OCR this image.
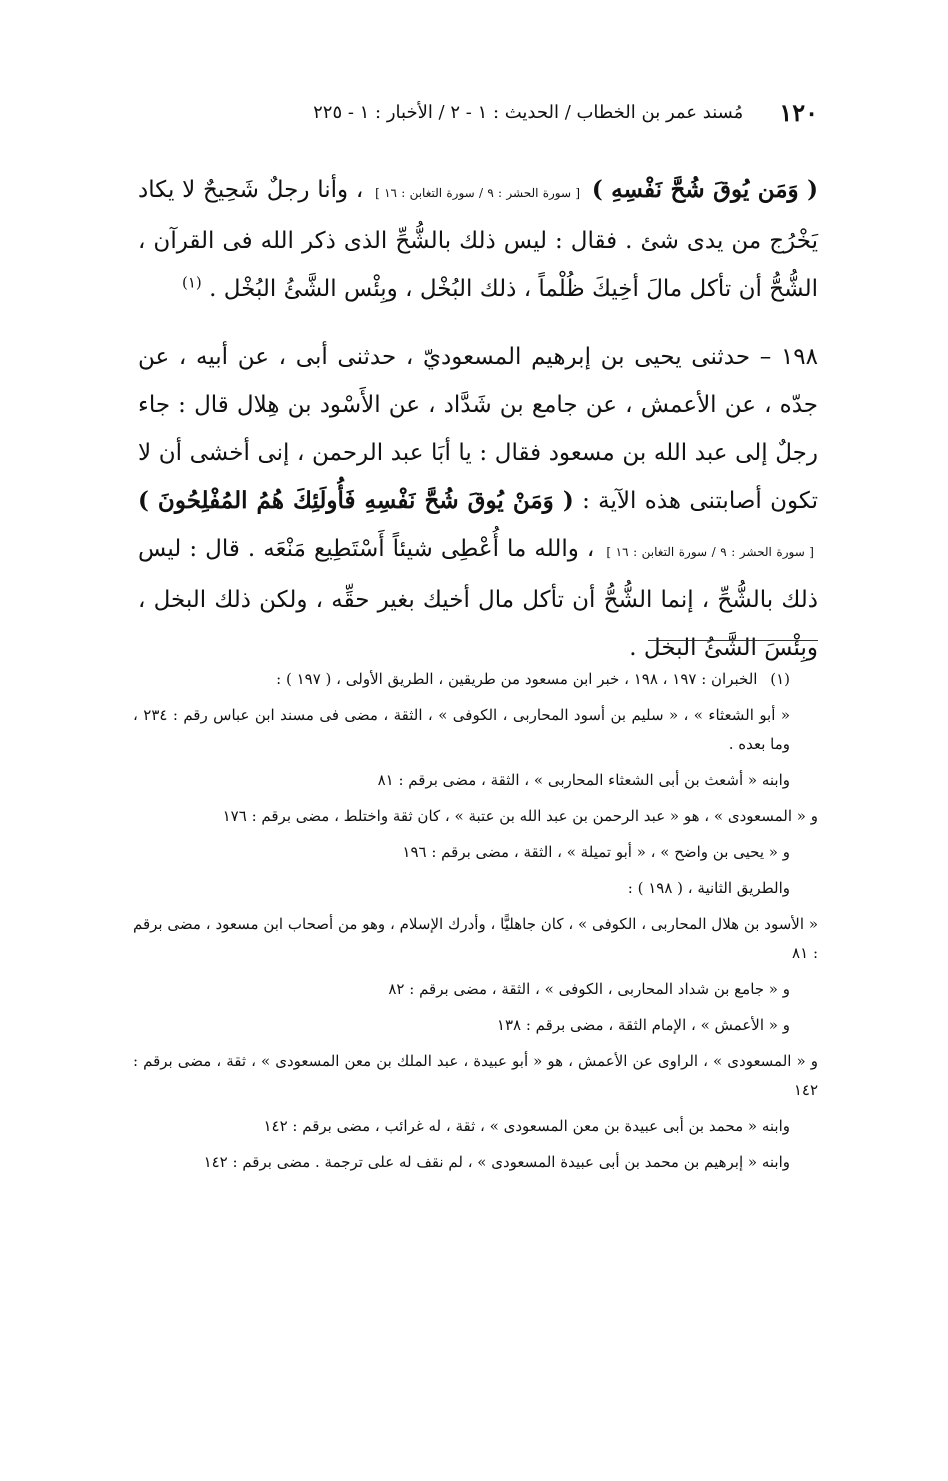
١٢٠
مُسند عمر بن الخطاب / الحديث : ١ - ٢ / الأخبار : ١ - ٢٢٥

( وَمَن يُوقَ شُحَّ نَفْسِهِ ) [ سورة الحشر : ٩ / سورة التغابن : ١٦ ] ، وأنا رجلٌ شَحِيحٌ لا يكاد يَخْرُج من يدى شئ . فقال : ليس ذلك بالشُّحِّ الذى ذكر الله فى القرآن ، الشُّحُّ أن تأكل مالَ أخِيكَ ظُلْماً ، ذلك البُخْل ، وبِئْس الشَّئُ البُخْل . $^{(١)}$

١٩٨ – حدثنى يحيى بن إبرهيم المسعوديّ ، حدثنى أبى ، عن أبيه ، عن جدّه ، عن الأعمش ، عن جامع بن شَدَّاد ، عن الأَسْود بن هِلال قال : جاء رجلٌ إلى عبد الله بن مسعود فقال : يا أبَا عبد الرحمن ، إنى أخشى أن لا تكون أصابتنى هذه الآية : ( وَمَنْ يُوقَ شُحَّ نَفْسِهِ فَأُولَئِكَ هُمُ المُفْلِحُونَ ) [ سورة الحشر : ٩ / سورة التغابن : ١٦ ] ، والله ما أُعْطِى شيئاً أَسْتَطِيع مَنْعَه . قال : ليس ذلك بالشُّحِّ ، إنما الشُّحُّ أن تأكل مال أخيك بغير حقِّه ، ولكن ذلك البخل ، وبِئْسَ الشَّئُ البخل .

(١) الخبران : ١٩٧ ، ١٩٨ ، خبر ابن مسعود من طريقين ، الطريق الأولى ، ( ١٩٧ ) :

« أبو الشعثاء » ، « سليم بن أسود المحاربى ، الكوفى » ، الثقة ، مضى فى مسند ابن عباس رقم : ٢٣٤ ، وما بعده .

وابنه « أشعث بن أبى الشعثاء المحاربى » ، الثقة ، مضى برقم : ٨١

و « المسعودى » ، هو « عبد الرحمن بن عبد الله بن عتبة » ، كان ثقة واختلط ، مضى برقم : ١٧٦

و « يحيى بن واضح » ، « أبو تميلة » ، الثقة ، مضى برقم : ١٩٦

والطريق الثانية ، ( ١٩٨ ) :

« الأسود بن هلال المحاربى ، الكوفى » ، كان جاهليًّا ، وأدرك الإسلام ، وهو من أصحاب ابن مسعود ، مضى برقم : ٨١

و « جامع بن شداد المحاربى ، الكوفى » ، الثقة ، مضى برقم : ٨٢

و « الأعمش » ، الإمام الثقة ، مضى برقم : ١٣٨

و « المسعودى » ، الراوى عن الأعمش ، هو « أبو عبيدة ، عبد الملك بن معن المسعودى » ، ثقة ، مضى برقم : ١٤٢

وابنه « محمد بن أبى عبيدة بن معن المسعودى » ، ثقة ، له غرائب ، مضى برقم : ١٤٢

وابنه « إبرهيم بن محمد بن أبى عبيدة المسعودى » ، لم نقف له على ترجمة . مضى برقم : ١٤٢
